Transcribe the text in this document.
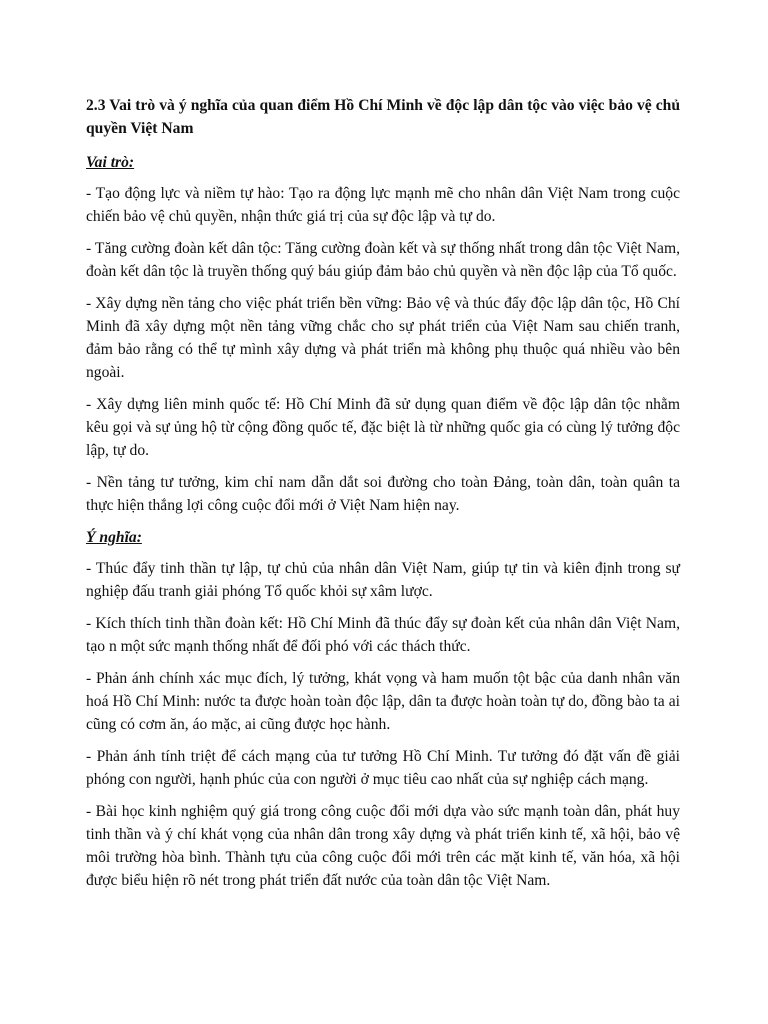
2.3 Vai trò và ý nghĩa của quan điểm Hồ Chí Minh về độc lập dân tộc vào việc bảo vệ chủ quyền Việt Nam

Vai trò:

- Tạo động lực và niềm tự hào: Tạo ra động lực mạnh mẽ cho nhân dân Việt Nam trong cuộc chiến bảo vệ chủ quyền, nhận thức giá trị của sự độc lập và tự do.

- Tăng cường đoàn kết dân tộc: Tăng cường đoàn kết và sự thống nhất trong dân tộc Việt Nam, đoàn kết dân tộc là truyền thống quý báu giúp đảm bảo chủ quyền và nền độc lập của Tổ quốc.

- Xây dựng nền tảng cho việc phát triển bền vững: Bảo vệ và thúc đẩy độc lập dân tộc, Hồ Chí Minh đã xây dựng một nền tảng vững chắc cho sự phát triển của Việt Nam sau chiến tranh, đảm bảo rằng có thể tự mình xây dựng và phát triển mà không phụ thuộc quá nhiều vào bên ngoài.

- Xây dựng liên minh quốc tế: Hồ Chí Minh đã sử dụng quan điểm về độc lập dân tộc nhằm kêu gọi và sự ủng hộ từ cộng đồng quốc tế, đặc biệt là từ những quốc gia có cùng lý tưởng độc lập, tự do.

- Nền tảng tư tưởng, kim chỉ nam dẫn dắt soi đường cho toàn Đảng, toàn dân, toàn quân ta thực hiện thắng lợi công cuộc đổi mới ở Việt Nam hiện nay.

Ý nghĩa:

- Thúc đẩy tinh thần tự lập, tự chủ của nhân dân Việt Nam, giúp tự tin và kiên định trong sự nghiệp đấu tranh giải phóng Tổ quốc khỏi sự xâm lược.

- Kích thích tinh thần đoàn kết: Hồ Chí Minh đã thúc đẩy sự đoàn kết của nhân dân Việt Nam, tạo n một sức mạnh thống nhất để đối phó với các thách thức.

- Phản ánh chính xác mục đích, lý tưởng, khát vọng và ham muốn tột bậc của danh nhân văn hoá Hồ Chí Minh: nước ta được hoàn toàn độc lập, dân ta được hoàn toàn tự do, đồng bào ta ai cũng có cơm ăn, áo mặc, ai cũng được học hành.

- Phản ánh tính triệt để cách mạng của tư tưởng Hồ Chí Minh. Tư tưởng đó đặt vấn đề giải phóng con người, hạnh phúc của con người ở mục tiêu cao nhất của sự nghiệp cách mạng.

- Bài học kinh nghiệm quý giá trong công cuộc đổi mới dựa vào sức mạnh toàn dân, phát huy tinh thần và ý chí khát vọng của nhân dân trong xây dựng và phát triển kinh tế, xã hội, bảo vệ môi trường hòa bình. Thành tựu của công cuộc đổi mới trên các mặt kinh tế, văn hóa, xã hội được biểu hiện rõ nét trong phát triển đất nước của toàn dân tộc Việt Nam.
